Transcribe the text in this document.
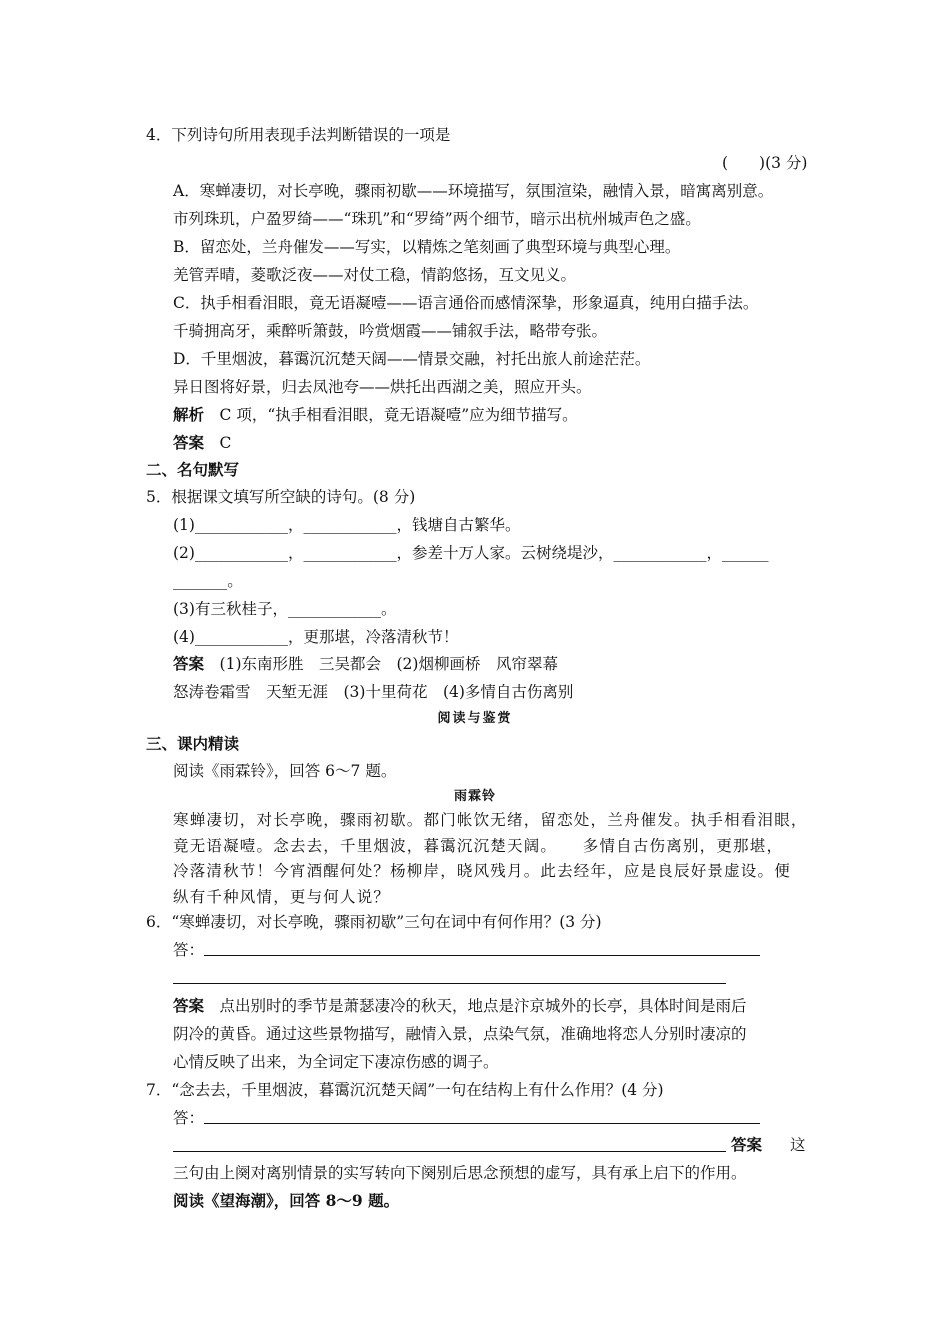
4．下列诗句所用表现手法判断错误的一项是
(　　)(3 分)
A．寒蝉凄切，对长亭晚，骤雨初歇——环境描写，氛围渲染，融情入景，暗寓离别意。
市列珠玑，户盈罗绮——“珠玑”和“罗绮”两个细节，暗示出杭州城声色之盛。
B．留恋处，兰舟催发——写实，以精炼之笔刻画了典型环境与典型心理。
羌管弄晴，菱歌泛夜——对仗工稳，情韵悠扬，互文见义。
C．执手相看泪眼，竟无语凝噎——语言通俗而感情深挚，形象逼真，纯用白描手法。
千骑拥高牙，乘醉听箫鼓，吟赏烟霞——铺叙手法，略带夸张。
D．千里烟波，暮霭沉沉楚天阔——情景交融，衬托出旅人前途茫茫。
异日图将好景，归去凤池夸——烘托出西湖之美，照应开头。
解析　 C 项，“执手相看泪眼，竟无语凝噎”应为细节描写。
答案　 C
二、名句默写
5．根据课文填写所空缺的诗句。(8 分)
(1)____________，____________，钱塘自古繁华。
(2)____________，____________，参差十万人家。云树绕堤沙，____________，______
_______。
(3)有三秋桂子，____________。
(4)____________，更那堪，冷落清秋节！
答案　 (1)东南形胜　三吴都会　(2)烟柳画桥　风帘翠幕
怒涛卷霜雪　天堑无涯　(3)十里荷花　(4)多情自古伤离别
阅读与鉴赏
三、课内精读
阅读《雨霖铃》，回答 6～7 题。
雨霖铃
寒蝉凄切，对长亭晚，骤雨初歇。都门帐饮无绪，留恋处，兰舟催发。执手相看泪眼，
竟无语凝噎。念去去，千里烟波，暮霭沉沉楚天阔。　　多情自古伤离别，更那堪，
冷落清秋节！今宵酒醒何处？杨柳岸，晓风残月。此去经年，应是良辰好景虚设。便
纵有千种风情，更与何人说？
6．“寒蝉凄切，对长亭晚，骤雨初歇”三句在词中有何作用？(3 分)
答：
答案　 点出别时的季节是萧瑟凄冷的秋天，地点是汴京城外的长亭，具体时间是雨后
阴冷的黄昏。通过这些景物描写，融情入景，点染气氛，准确地将恋人分别时凄凉的
心情反映了出来，为全词定下凄凉伤感的调子。
7．“念去去，千里烟波，暮霭沉沉楚天阔”一句在结构上有什么作用？(4 分)
答：
答案 这
三句由上阕对离别情景的实写转向下阕别后思念预想的虚写，具有承上启下的作用。
阅读《望海潮》，回答 8～9 题。
